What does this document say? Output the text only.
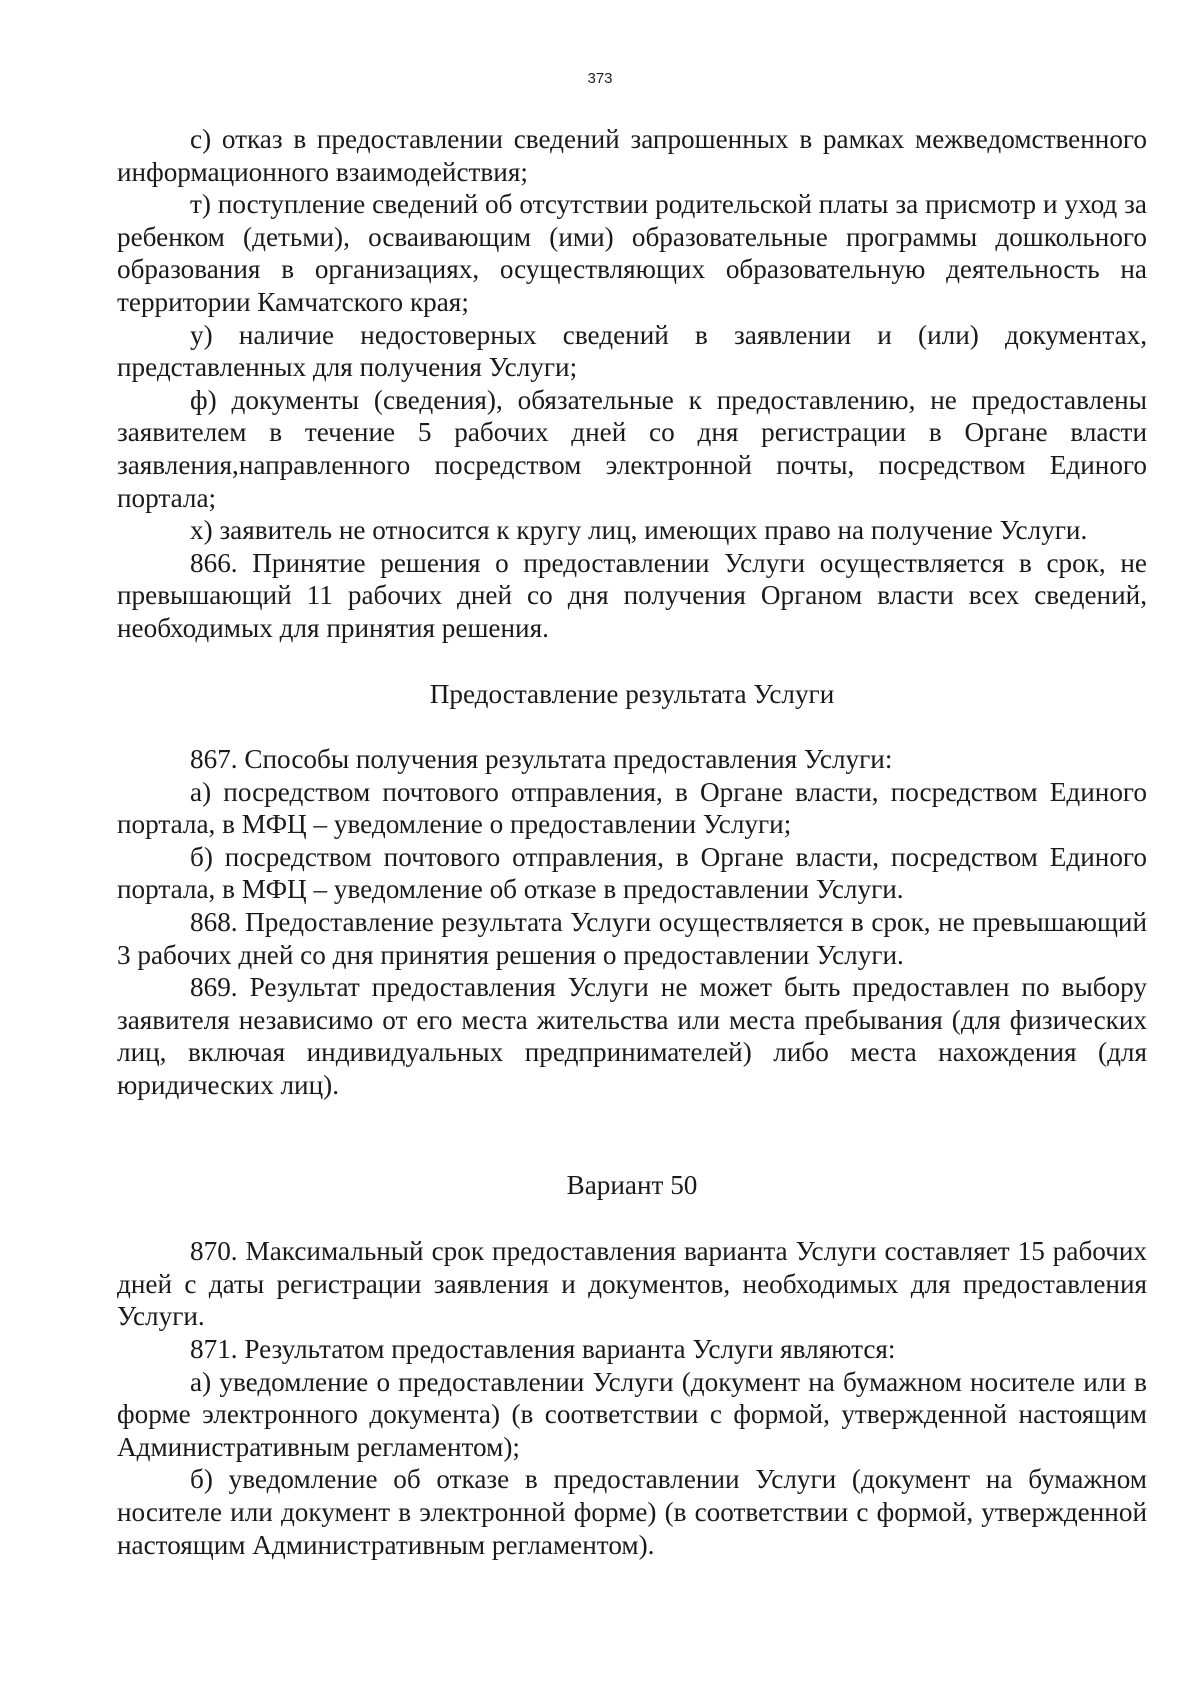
373

с) отказ в предоставлении сведений запрошенных в рамках межведомственного информационного взаимодействия;

т) поступление сведений об отсутствии родительской платы за присмотр и уход за ребенком (детьми), осваивающим (ими) образовательные программы дошкольного образования в организациях, осуществляющих образовательную деятельность на территории Камчатского края;

у) наличие недостоверных сведений в заявлении и (или) документах, представленных для получения Услуги;

ф) документы (сведения), обязательные к предоставлению, не предоставлены заявителем в течение 5 рабочих дней со дня регистрации в Органе власти заявления,направленного посредством электронной почты, посредством Единого портала;

х) заявитель не относится к кругу лиц, имеющих право на получение Услуги.

866. Принятие решения о предоставлении Услуги осуществляется в срок, не превышающий 11 рабочих дней со дня получения Органом власти всех сведений, необходимых для принятия решения.

Предоставление результата Услуги

867. Способы получения результата предоставления Услуги:

а) посредством почтового отправления, в Органе власти, посредством Единого портала, в МФЦ – уведомление о предоставлении Услуги;

б) посредством почтового отправления, в Органе власти, посредством Единого портала, в МФЦ – уведомление об отказе в предоставлении Услуги.

868. Предоставление результата Услуги осуществляется в срок, не превышающий 3 рабочих дней со дня принятия решения о предоставлении Услуги.

869. Результат предоставления Услуги не может быть предоставлен по выбору заявителя независимо от его места жительства или места пребывания (для физических лиц, включая индивидуальных предпринимателей) либо места нахождения (для юридических лиц).

Вариант 50

870. Максимальный срок предоставления варианта Услуги составляет 15 рабочих дней с даты регистрации заявления и документов, необходимых для предоставления Услуги.

871. Результатом предоставления варианта Услуги являются:

а) уведомление о предоставлении Услуги (документ на бумажном носителе или в форме электронного документа) (в соответствии с формой, утвержденной настоящим Административным регламентом);

б) уведомление об отказе в предоставлении Услуги (документ на бумажном носителе или документ в электронной форме) (в соответствии с формой, утвержденной настоящим Административным регламентом).
